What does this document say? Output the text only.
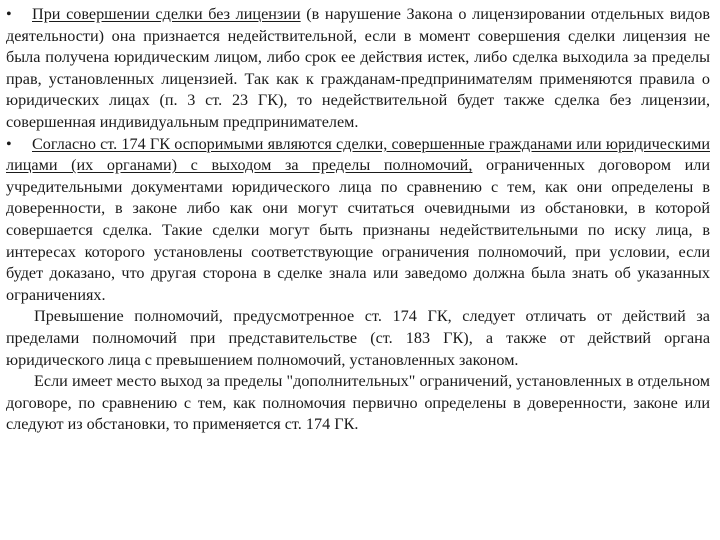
• При совершении сделки без лицензии (в нарушение Закона о лицензировании отдельных видов деятельности) она признается недействительной, если в момент совершения сделки лицензия не была получена юридическим лицом, либо срок ее действия истек, либо сделка выходила за пределы прав, установленных лицензией. Так как к гражданам-предпринимателям применяются правила о юридических лицах (п. 3 ст. 23 ГК), то недействительной будет также сделка без лицензии, совершенная индивидуальным предпринимателем.

• Согласно ст. 174 ГК оспоримыми являются сделки, совершенные гражданами или юридическими лицами (их органами) с выходом за пределы полномочий, ограниченных договором или учредительными документами юридического лица по сравнению с тем, как они определены в доверенности, в законе либо как они могут считаться очевидными из обстановки, в которой совершается сделка. Такие сделки могут быть признаны недействительными по иску лица, в интересах которого установлены соответствующие ограничения полномочий, при условии, если будет доказано, что другая сторона в сделке знала или заведомо должна была знать об указанных ограничениях.

Превышение полномочий, предусмотренное ст. 174 ГК, следует отличать от действий за пределами полномочий при представительстве (ст. 183 ГК), а также от действий органа юридического лица с превышением полномочий, установленных законом.

Если имеет место выход за пределы "дополнительных" ограничений, установленных в отдельном договоре, по сравнению с тем, как полномочия первично определены в доверенности, законе или следуют из обстановки, то применяется ст. 174 ГК.
